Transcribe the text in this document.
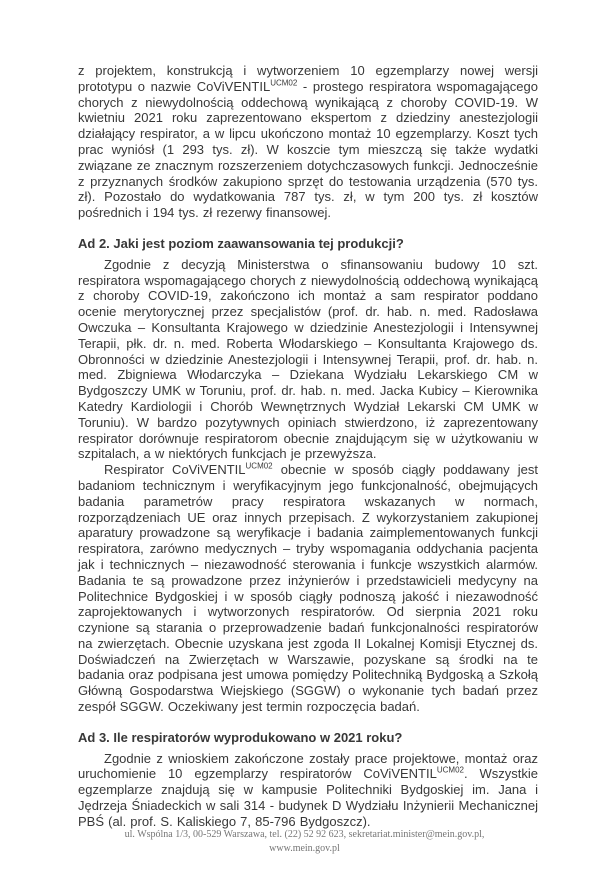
z projektem, konstrukcją i wytworzeniem 10 egzemplarzy nowej wersji prototypu o nazwie CoViVENTIL$^{UCM02}$ - prostego respiratora wspomagającego chorych z niewydolnością oddechową wynikającą z choroby COVID-19. W kwietniu 2021 roku zaprezentowano ekspertom z dziedziny anestezjologii działający respirator, a w lipcu ukończono montaż 10 egzemplarzy. Koszt tych prac wyniósł (1 293 tys. zł). W koszcie tym mieszczą się także wydatki związane ze znacznym rozszerzeniem dotychczasowych funkcji. Jednocześnie z przyznanych środków zakupiono sprzęt do testowania urządzenia (570 tys. zł). Pozostało do wydatkowania 787 tys. zł, w tym 200 tys. zł kosztów pośrednich i 194 tys. zł rezerwy finansowej.

Ad 2. Jaki jest poziom zaawansowania tej produkcji?

Zgodnie z decyzją Ministerstwa o sfinansowaniu budowy 10 szt. respiratora wspomagającego chorych z niewydolnością oddechową wynikającą z choroby COVID-19, zakończono ich montaż a sam respirator poddano ocenie merytorycznej przez specjalistów (prof. dr. hab. n. med. Radosława Owczuka – Konsultanta Krajowego w dziedzinie Anestezjologii i Intensywnej Terapii, płk. dr. n. med. Roberta Włodarskiego – Konsultanta Krajowego ds. Obronności w dziedzinie Anestezjologii i Intensywnej Terapii, prof. dr. hab. n. med. Zbigniewa Włodarczyka – Dziekana Wydziału Lekarskiego CM w Bydgoszczy UMK w Toruniu, prof. dr. hab. n. med. Jacka Kubicy – Kierownika Katedry Kardiologii i Chorób Wewnętrznych Wydział Lekarski CM UMK w Toruniu). W bardzo pozytywnych opiniach stwierdzono, iż zaprezentowany respirator dorównuje respiratorom obecnie znajdującym się w użytkowaniu w szpitalach, a w niektórych funkcjach je przewyższa.

Respirator CoViVENTIL$^{UCM02}$ obecnie w sposób ciągły poddawany jest badaniom technicznym i weryfikacyjnym jego funkcjonalność, obejmujących badania parametrów pracy respiratora wskazanych w normach, rozporządzeniach UE oraz innych przepisach. Z wykorzystaniem zakupionej aparatury prowadzone są weryfikacje i badania zaimplementowanych funkcji respiratora, zarówno medycznych – tryby wspomagania oddychania pacjenta jak i technicznych – niezawodność sterowania i funkcje wszystkich alarmów. Badania te są prowadzone przez inżynierów i przedstawicieli medycyny na Politechnice Bydgoskiej i w sposób ciągły podnoszą jakość i niezawodność zaprojektowanych i wytworzonych respiratorów. Od sierpnia 2021 roku czynione są starania o przeprowadzenie badań funkcjonalności respiratorów na zwierzętach. Obecnie uzyskana jest zgoda II Lokalnej Komisji Etycznej ds. Doświadczeń na Zwierzętach w Warszawie, pozyskane są środki na te badania oraz podpisana jest umowa pomiędzy Politechniką Bydgoską a Szkołą Główną Gospodarstwa Wiejskiego (SGGW) o wykonanie tych badań przez zespół SGGW. Oczekiwany jest termin rozpoczęcia badań.

Ad 3. Ile respiratorów wyprodukowano w 2021 roku?

Zgodnie z wnioskiem zakończone zostały prace projektowe, montaż oraz uruchomienie 10 egzemplarzy respiratorów CoViVENTIL$^{UCM02}$. Wszystkie egzemplarze znajdują się w kampusie Politechniki Bydgoskiej im. Jana i Jędrzeja Śniadeckich w sali 314 - budynek D Wydziału Inżynierii Mechanicznej PBŚ (al. prof. S. Kaliskiego 7, 85-796 Bydgoszcz).

ul. Wspólna 1/3, 00-529 Warszawa, tel. (22) 52 92 623, sekretariat.minister@mein.gov.pl,
www.mein.gov.pl
